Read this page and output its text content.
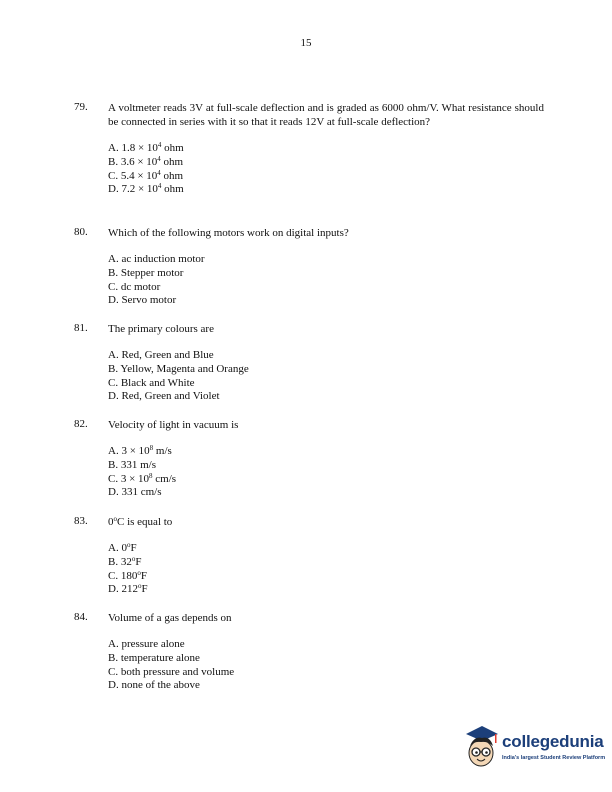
15
79.	A voltmeter reads 3V at full-scale deflection and is graded as 6000 ohm/V. What resistance should be connected in series with it so that it reads 12V at full-scale deflection?
A. $1.8 \times 10^4$ ohm
B. $3.6 \times 10^4$ ohm
C. $5.4 \times 10^4$ ohm
D. $7.2 \times 10^4$ ohm
80.	Which of the following motors work on digital inputs?
A. ac induction motor
B. Stepper motor
C. dc motor
D. Servo motor
81.	The primary colours are
A. Red, Green and Blue
B. Yellow, Magenta and Orange
C. Black and White
D. Red, Green and Violet
82.	Velocity of light in vacuum is
A. $3 \times 10^8$ m/s
B. 331 m/s
C. $3 \times 10^8$ cm/s
D. 331 cm/s
83.	0$^o$C is equal to
A. 0$^o$F
B. 32$^o$F
C. 180$^o$F
D. 212$^o$F
84.	Volume of a gas depends on
A. pressure alone
B. temperature alone
C. both pressure and volume
D. none of the above
collegedunia
India's largest Student Review Platform
